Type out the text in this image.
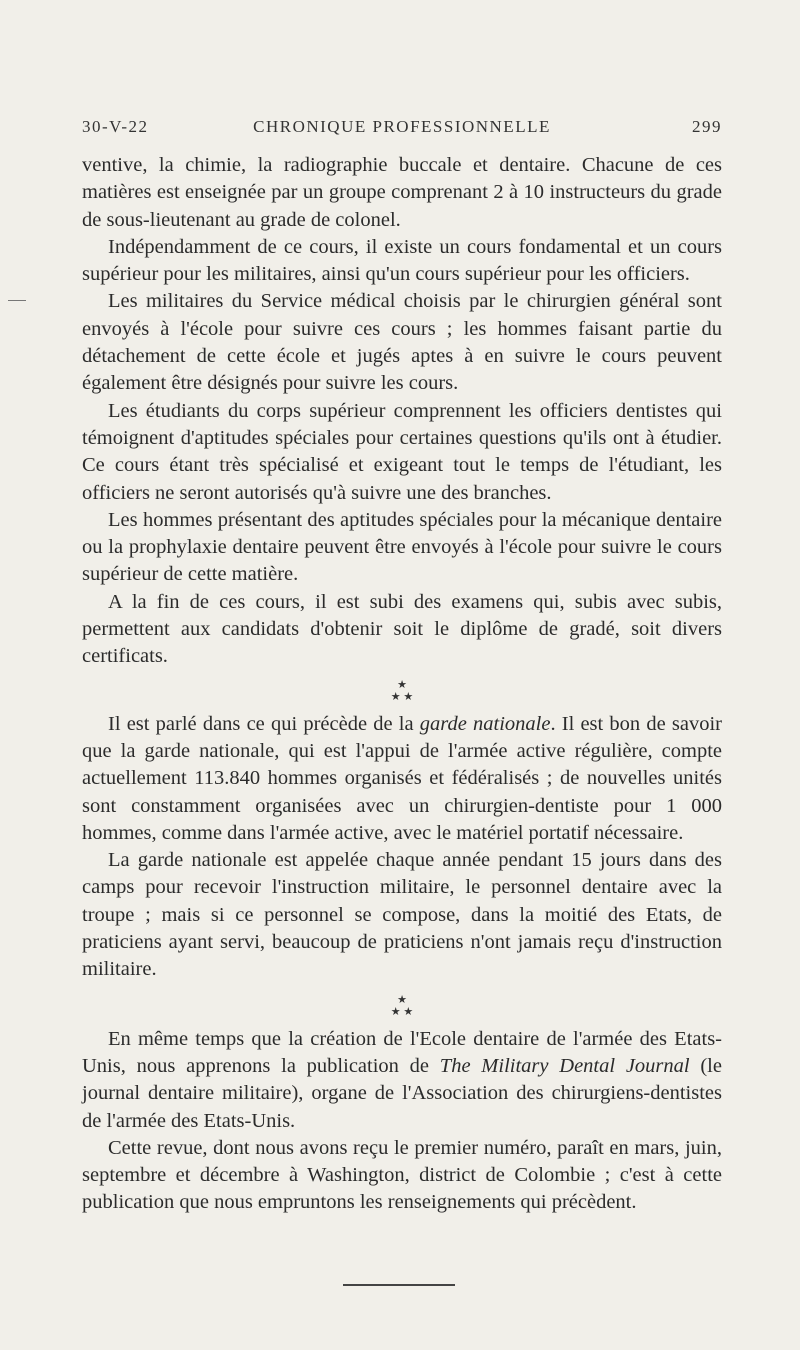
30-V-22	CHRONIQUE PROFESSIONNELLE	299

ventive, la chimie, la radiographie buccale et dentaire. Chacune de ces matières est enseignée par un groupe comprenant 2 à 10 instructeurs du grade de sous-lieutenant au grade de colonel.

Indépendamment de ce cours, il existe un cours fondamental et un cours supérieur pour les militaires, ainsi qu'un cours supérieur pour les officiers.

Les militaires du Service médical choisis par le chirurgien général sont envoyés à l'école pour suivre ces cours ; les hommes faisant partie du détachement de cette école et jugés aptes à en suivre le cours peuvent également être désignés pour suivre les cours.

Les étudiants du corps supérieur comprennent les officiers dentistes qui témoignent d'aptitudes spéciales pour certaines questions qu'ils ont à étudier. Ce cours étant très spécialisé et exigeant tout le temps de l'étudiant, les officiers ne seront autorisés qu'à suivre une des branches.

Les hommes présentant des aptitudes spéciales pour la mécanique dentaire ou la prophylaxie dentaire peuvent être envoyés à l'école pour suivre le cours supérieur de cette matière.

A la fin de ces cours, il est subi des examens qui, subis avec subis, permettent aux candidats d'obtenir soit le diplôme de gradé, soit divers certificats.

★
★ ★

Il est parlé dans ce qui précède de la garde nationale. Il est bon de savoir que la garde nationale, qui est l'appui de l'armée active régulière, compte actuellement 113.840 hommes organisés et fédéralisés ; de nouvelles unités sont constamment organisées avec un chirurgien-dentiste pour 1 000 hommes, comme dans l'armée active, avec le matériel portatif nécessaire.

La garde nationale est appelée chaque année pendant 15 jours dans des camps pour recevoir l'instruction militaire, le personnel dentaire avec la troupe ; mais si ce personnel se compose, dans la moitié des Etats, de praticiens ayant servi, beaucoup de praticiens n'ont jamais reçu d'instruction militaire.

★
★ ★

En même temps que la création de l'Ecole dentaire de l'armée des Etats-Unis, nous apprenons la publication de The Military Dental Journal (le journal dentaire militaire), organe de l'Association des chirurgiens-dentistes de l'armée des Etats-Unis.

Cette revue, dont nous avons reçu le premier numéro, paraît en mars, juin, septembre et décembre à Washington, district de Colombie ; c'est à cette publication que nous empruntons les renseignements qui précèdent.
